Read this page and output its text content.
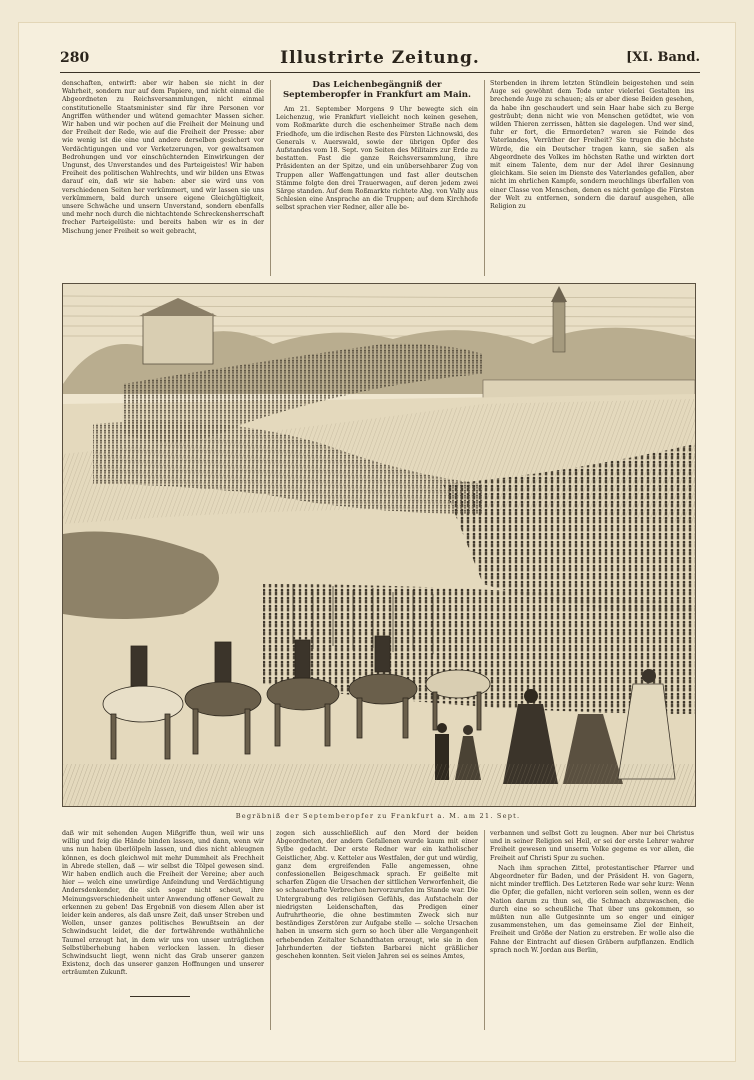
280	Illustrirte Zeitung.	[XI. Band.

denschaften, entwirft: aber wir haben sie nicht in der Wahrheit, sondern nur auf dem Papiere, und nicht einmal die Abgeordneten zu Reichsversammlungen, nicht einmal constitutionelle Staatsminister sind für ihre Personen vor Angriffen wüthender und wütend gemachter Massen sicher. Wir haben und wir pochen auf die Freiheit der Meinung und der Freiheit der Rede, wie auf die Freiheit der Presse: aber wie wenig ist die eine und andere derselben gesichert vor Verdächtigungen und vor Verketzerungen, vor gewaltsamen Bedrohungen und vor einschüchternden Einwirkungen der Ungunst, des Unverstandes und des Parteigeistes! Wir haben Freiheit des politischen Wahlrechts, und wir bilden uns Etwas darauf ein, daß wir sie haben: aber sie wird uns von verschiedenen Seiten her verkümmert, und wir lassen sie uns verkümmern, bald durch unsere eigene Gleichgültigkeit, unsere Schwäche und unsern Unverstand, sondern ebenfalls und mehr noch durch die nichtachtende Schreckensherrschaft frecher Parteigelüste: und bereits haben wir es in der Mischung jener Freiheit so weit gebracht,

Das Leichenbegängniß der Septemberopfer in Frankfurt am Main.

Am 21. September Morgens 9 Uhr bewegte sich ein Leichenzug, wie Frankfurt vielleicht noch keinen gesehen, vom Roßmarkte durch die eschenheimer Straße nach dem Friedhofe, um die irdischen Reste des Fürsten Lichnowski, des Generals v. Auerswald, sowie der übrigen Opfer des Aufstandes vom 18. Sept. von Seiten des Militairs zur Erde zu bestatten. Fast die ganze Reichsversammlung, ihre Präsidenten an der Spitze, und ein unübersehbarer Zug von Truppen aller Waffengattungen und fast aller deutschen Stämme folgte den drei Trauerwagen, auf deren jedem zwei Särge standen. Auf dem Roßmarkte richtete Abg. von Vally aus Schlesien eine Ansprache an die Truppen; auf dem Kirchhofe selbst sprachen vier Redner, aller alle be-

Sterbenden in ihrem letzten Stündlein beigestehen und sein Auge sei gewöhnt dem Tode unter vielerlei Gestalten ins brechende Auge zu schauen; als er aber diese Beiden gesehen, da habe ihn geschaudert und sein Haar habe sich zu Berge gesträubt; denn nicht wie von Menschen getödtet, wie von wilden Thieren zerrissen, hätten sie dagelegen. Und wer sind, fuhr er fort, die Ermordeten? waren sie Feinde des Vaterlandes, Verräther der Freiheit? Sie trugen die höchste Würde, die ein Deutscher tragen kann, sie saßen als Abgeordnete des Volkes im höchsten Rathe und wirkten dort mit einem Talente, dem nur der Adel ihrer Gesinnung gleichkam. Sie seien im Dienste des Vaterlandes gefallen, aber nicht im ehrlichen Kampfe, sondern meuchlings überfallen von einer Classe von Menschen, denen es nicht genüge die Fürsten der Welt zu entfernen, sondern die darauf ausgehen, alle Religion zu

Begräbniß der Septemberopfer zu Frankfurt a. M. am 21. Sept.

daß wir mit sehenden Augen Mißgriffe thun, weil wir uns willig und feig die Hände binden lassen, und dann, wenn wir uns nun haben überlölpeln lassen, und dies nicht ableugnen können, es doch gleichwol mit mehr Dummheit als Frechheit in Abrede stellen, daß — wir selbst die Tölpel gewesen sind. Wir haben endlich auch die Freiheit der Vereine; aber auch hier — welch eine unwürdige Anfeindung und Verdächtigung Andersdenkender, die sich sogar nicht scheut, ihre Meinungsverschiedenheit unter Anwendung offener Gewalt zu erkennen zu geben! Das Ergebniß von diesem Allen aber ist leider kein anderes, als daß unsre Zeit, daß unser Streben und Wollen, unser ganzes politisches Bewußtsein an der Schwindsucht leidet, die der fortwährende wuthähnliche Taumel erzeugt hat, in dem wir uns von unser unträglichen Selbstüberhebung haben verlocken lassen. In dieser Schwindsucht liegt, wenn nicht das Grab unserer ganzen Existenz, doch das unserer ganzen Hoffnungen und unserer erträumten Zukunft.

zogen sich ausschließlich auf den Mord der beiden Abgeordneten, der andern Gefallenen wurde kaum mit einer Sylbe gedacht. Der erste Redner war ein katholischer Geistlicher, Abg. v. Ketteler aus Westfalen, der gut und würdig, ganz dem ergreifenden Falle angemessen, ohne confessionellen Beigeschmack sprach. Er geißelte mit scharfen Zügen die Ursachen der sittlichen Verworfenheit, die so schauerhafte Verbrechen hervorzurufen im Stande war. Die Untergrabung des religiösen Gefühls, das Aufstacheln der niedrigsten Leidenschaften, das Predigen einer Aufruhrtheorie, die ohne bestimmten Zweck sich nur beständiges Zerstören zur Aufgabe stelle — solche Ursachen haben in unserm sich gern so hoch über alle Vergangenheit erhebenden Zeitalter Schandthaten erzeugt, wie sie in den Jahrhunderten der tiefsten Barbarei nicht gräßlicher geschehen konnten. Seit vielen Jahren sei es seines Amtes,

verbannen und selbst Gott zu leugnen. Aber nur bei Christus und in seiner Religion sei Heil, er sei der erste Lehrer wahrer Freiheit gewesen und unserm Volke gegeme es vor allen, die Freiheit auf Christi Spur zu suchen.

Nach ihm sprachen Zittel, protestantischer Pfarrer und Abgeordneter für Baden, und der Präsident H. von Gagern, nicht minder trefflich. Des Letzteren Rede war sehr kurz: Wenn die Opfer, die gefallen, nicht verloren sein sollen, wenn es der Nation darum zu thun sei, die Schmach abzuwaschen, die durch eine so scheußliche That über uns gekommen, so müßten nun alle Gutgesinnte um so enger und einiger zusammenstehen, um das gemeinsame Ziel der Einheit, Freiheit und Größe der Nation zu erstreben. Er wolle also die Fahne der Eintracht auf diesen Gräbern aufpflanzen. Endlich sprach noch W. Jordan aus Berlin,
